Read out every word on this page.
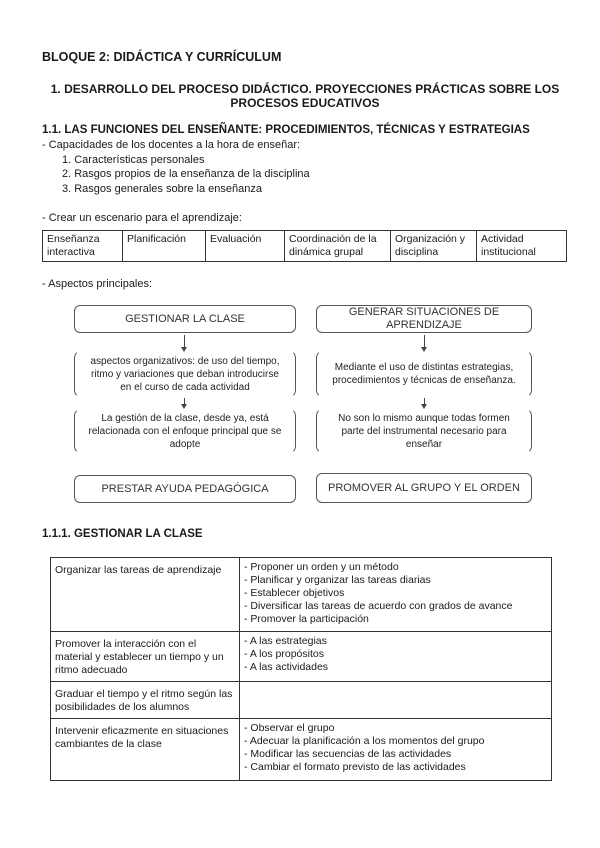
BLOQUE 2: DIDÁCTICA Y CURRÍCULUM
1. DESARROLLO DEL PROCESO DIDÁCTICO. PROYECCIONES PRÁCTICAS SOBRE LOS PROCESOS EDUCATIVOS
1.1. LAS FUNCIONES DEL ENSEÑANTE: PROCEDIMIENTOS, TÉCNICAS Y ESTRATEGIAS
- Capacidades de los docentes a la hora de enseñar:
1. Características personales
2. Rasgos propios de la enseñanza de la disciplina
3. Rasgos generales sobre la enseñanza
- Crear un escenario para el aprendizaje:
Enseñanza interactiva	Planificación	Evaluación	Coordinación de la dinámica grupal	Organización y disciplina	Actividad institucional
- Aspectos principales:
GESTIONAR LA CLASE
aspectos organizativos: de uso del tiempo, ritmo y variaciones que deban introducirse en el curso de cada actividad
La gestión de la clase, desde ya, está relacionada con el enfoque principal que se adopte
PRESTAR AYUDA PEDAGÓGICA
GENERAR SITUACIONES DE APRENDIZAJE
Mediante el uso de distintas estrategias, procedimientos y técnicas de enseñanza.
No son lo mismo aunque todas formen parte del instrumental necesario para enseñar
PROMOVER AL GRUPO Y EL ORDEN
1.1.1. GESTIONAR LA CLASE
Organizar las tareas de aprendizaje	- Proponer un orden y un método
- Planificar y organizar las tareas diarias
- Establecer objetivos
- Diversificar las tareas de acuerdo con grados de avance
- Promover la participación

Promover la interacción con el material y establecer un tiempo y un ritmo adecuado	- A las estrategias
- A los propósitos
- A las actividades

Graduar el tiempo y el ritmo según las posibilidades de los alumnos	
Intervenir eficazmente en situaciones cambiantes de la clase	- Observar el grupo
- Adecuar la planificación a los momentos del grupo
- Modificar las secuencias de las actividades
- Cambiar el formato previsto de las actividades
